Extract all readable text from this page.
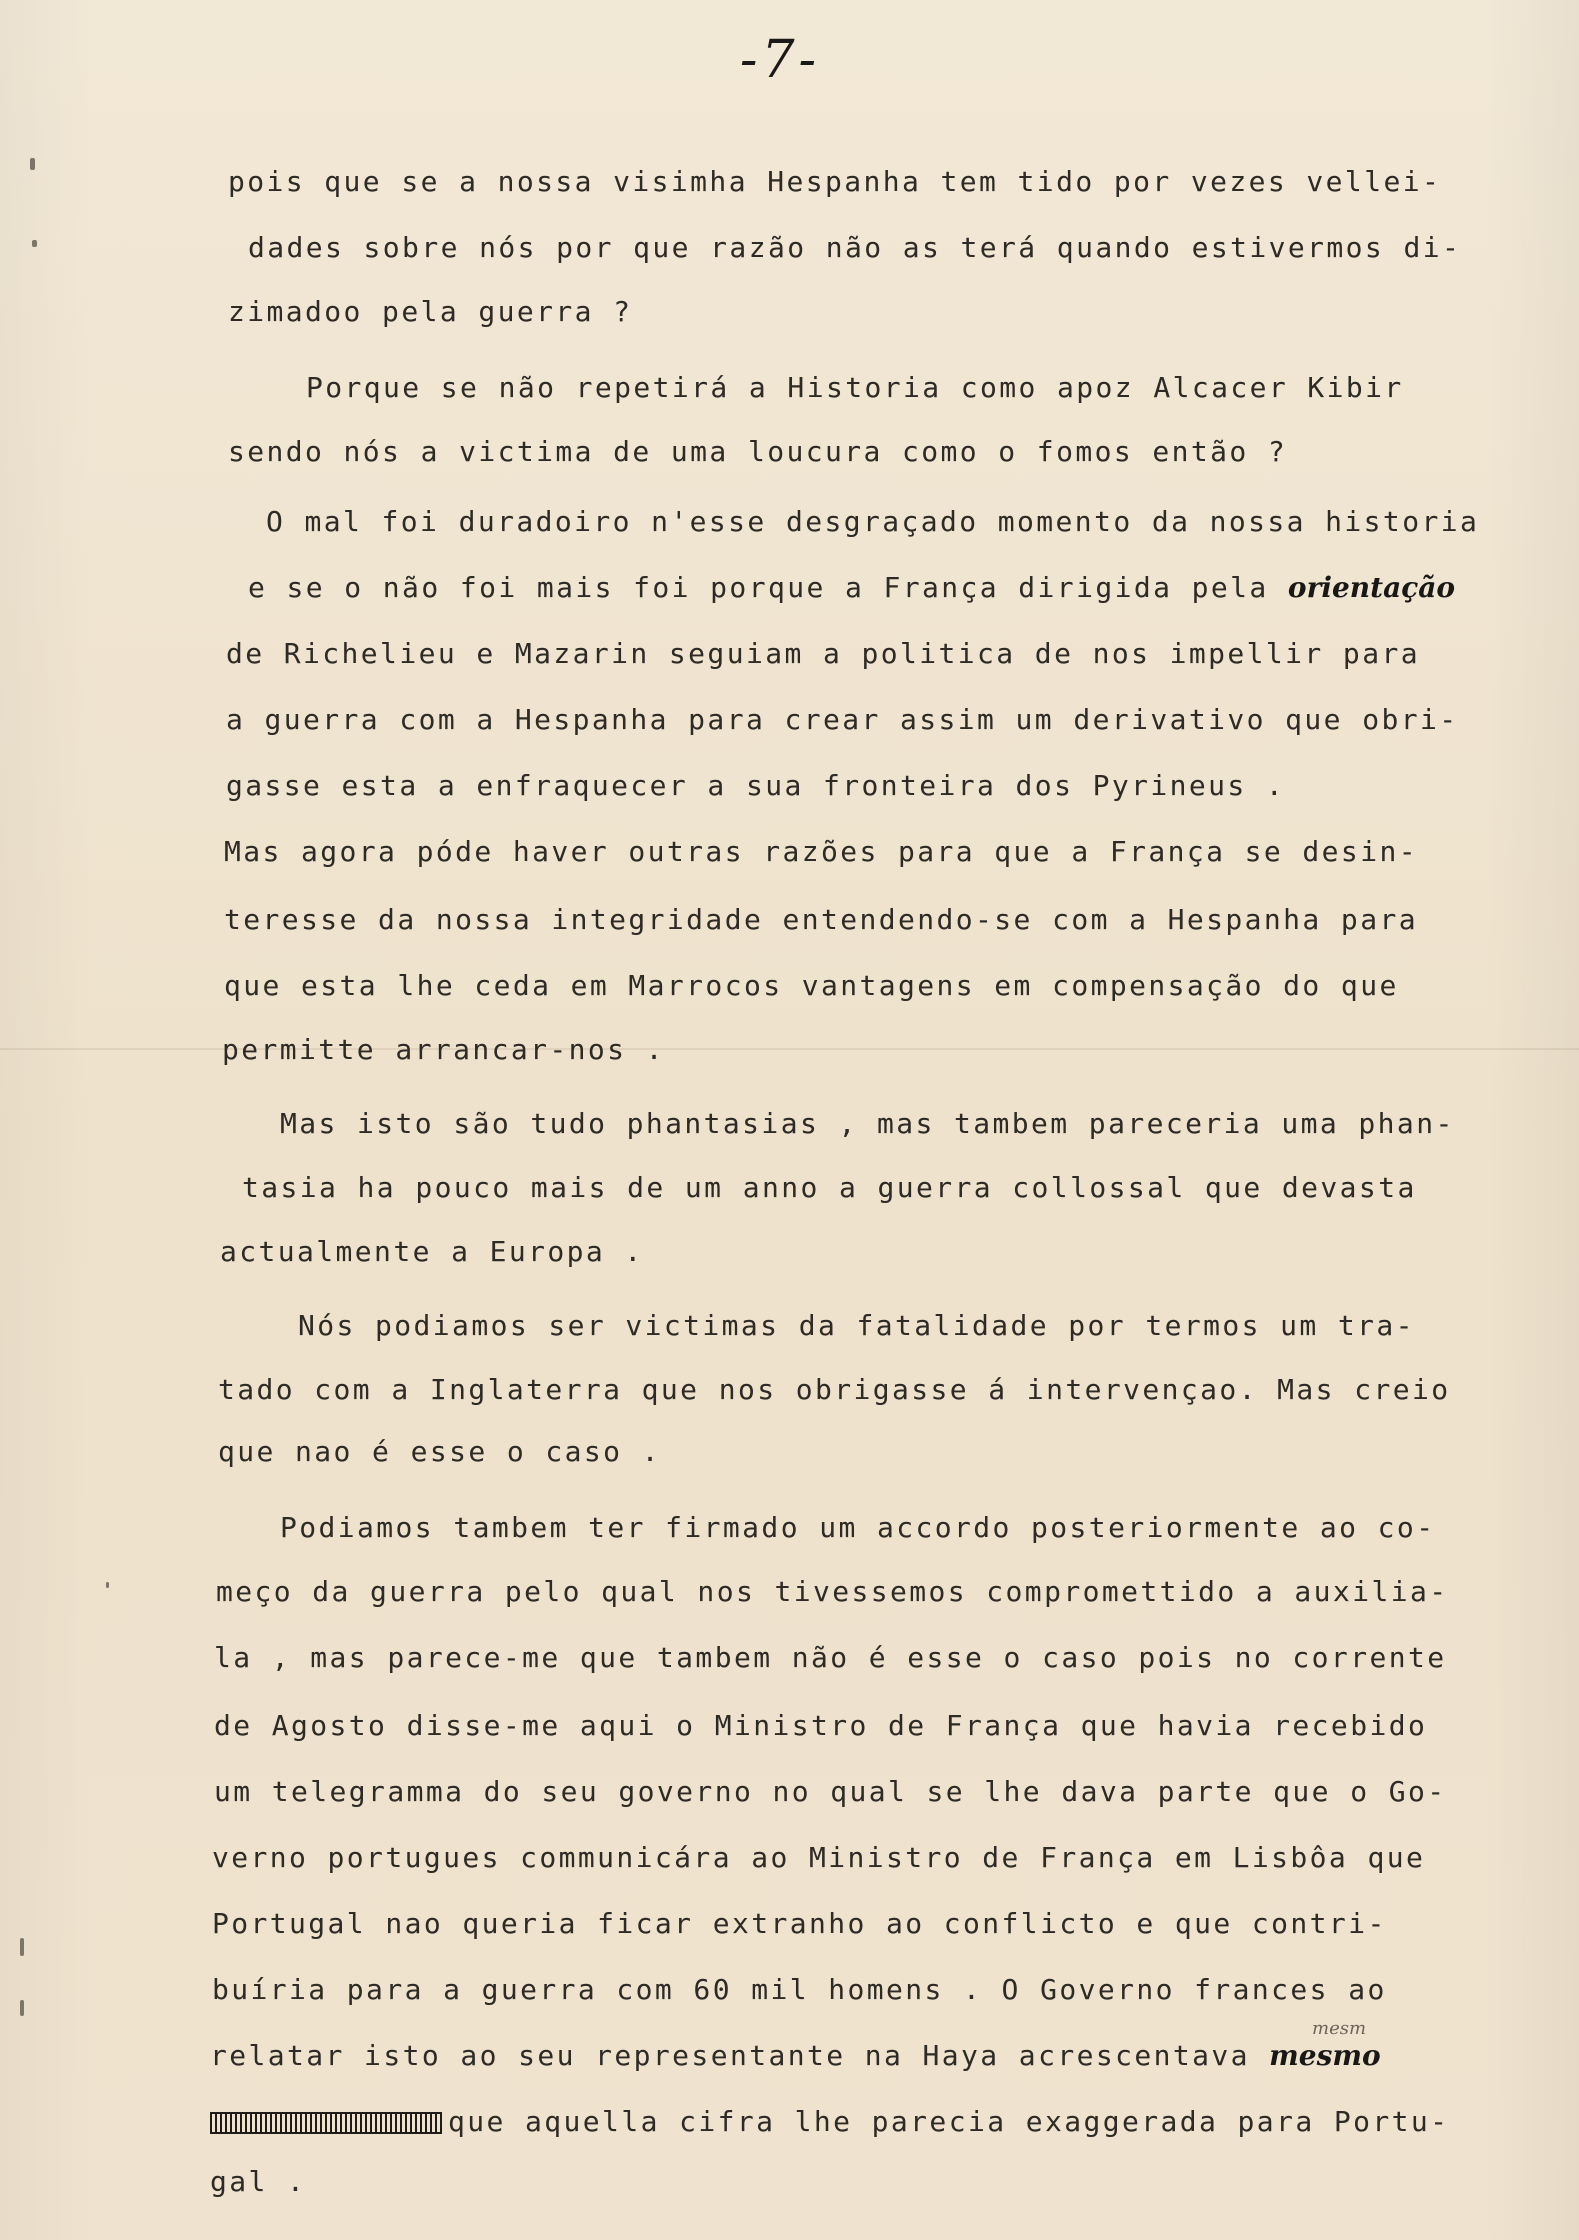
-7-
pois que se a nossa visimha Hespanha tem tido por vezes vellei-
dades sobre nós por que razão não as terá quando estivermos di-
zimadoo pela guerra ?
Porque se não repetirá a Historia como apoz Alcacer Kibir
sendo nós a victima de uma loucura como o fomos então ?
O mal foi duradoiro n'esse desgraçado momento da nossa historia
e se o não foi mais foi porque a França dirigida pela orientação
de Richelieu e Mazarin seguiam a politica de nos impellir para
a guerra com a Hespanha para crear assim um derivativo que obri-
gasse esta a enfraquecer a sua fronteira dos Pyrineus .
Mas agora póde haver outras razões para que a França se desin-
teresse da nossa integridade entendendo-se com a Hespanha para
que esta lhe ceda em Marrocos vantagens em compensação do que
permitte arrancar-nos .
Mas isto são tudo phantasias , mas tambem pareceria uma phan-
tasia ha pouco mais de um anno a guerra collossal que devasta
actualmente a Europa .
Nós podiamos ser victimas da fatalidade por termos um tra-
tado com a Inglaterra que nos obrigasse á intervençao. Mas creio
que nao é esse o caso .
Podiamos tambem ter firmado um accordo posteriormente ao co-
meço da guerra pelo qual nos tivessemos compromettido a auxilia-
la , mas parece-me que tambem não é esse o caso pois no corrente
de Agosto disse-me aqui o Ministro de França que havia recebido
um telegramma do seu governo no qual se lhe dava parte que o Go-
verno portugues communicára ao Ministro de França em Lisbôa que
Portugal nao queria ficar extranho ao conflicto e que contri-
buíria para a guerra com 60 mil homens . O Governo frances ao
mesm
relatar isto ao seu representante na Haya acrescentava mesmo
que aquella cifra lhe parecia exaggerada para Portu-
gal .
